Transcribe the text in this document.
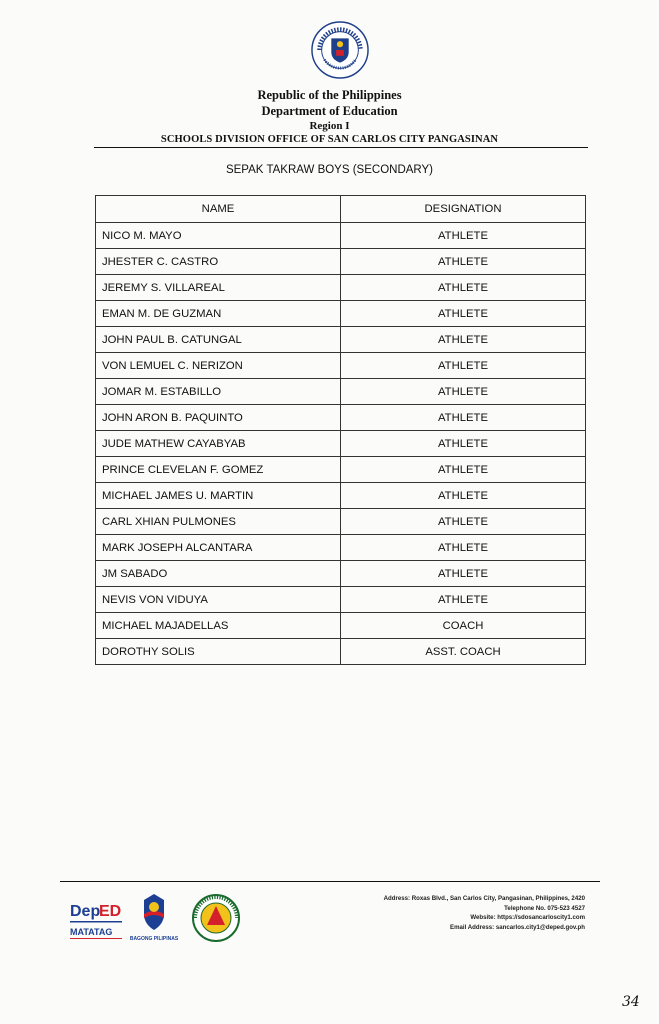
Republic of the Philippines
Department of Education
Region I
SCHOOLS DIVISION OFFICE OF SAN CARLOS CITY PANGASINAN
SEPAK TAKRAW BOYS (SECONDARY)
NAME	DESIGNATION
NICO M. MAYO	ATHLETE
JHESTER C. CASTRO	ATHLETE
JEREMY S. VILLAREAL	ATHLETE
EMAN M. DE GUZMAN	ATHLETE
JOHN PAUL B. CATUNGAL	ATHLETE
VON LEMUEL C. NERIZON	ATHLETE
JOMAR M. ESTABILLO	ATHLETE
JOHN ARON B. PAQUINTO	ATHLETE
JUDE MATHEW CAYABYAB	ATHLETE
PRINCE CLEVELAN F. GOMEZ	ATHLETE
MICHAEL JAMES U. MARTIN	ATHLETE
CARL XHIAN PULMONES	ATHLETE
MARK JOSEPH ALCANTARA	ATHLETE
JM SABADO	ATHLETE
NEVIS VON VIDUYA	ATHLETE
MICHAEL MAJADELLAS	COACH
DOROTHY SOLIS	ASST. COACH
Dep
ED
MATATAG
BAGONG PILIPINAS
Address: Roxas Blvd., San Carlos City, Pangasinan, Philippines, 2420
Telephone No. 075-523 4527
Website: https://sdosancarloscity1.com
Email Address: sancarlos.city1@deped.gov.ph
34
